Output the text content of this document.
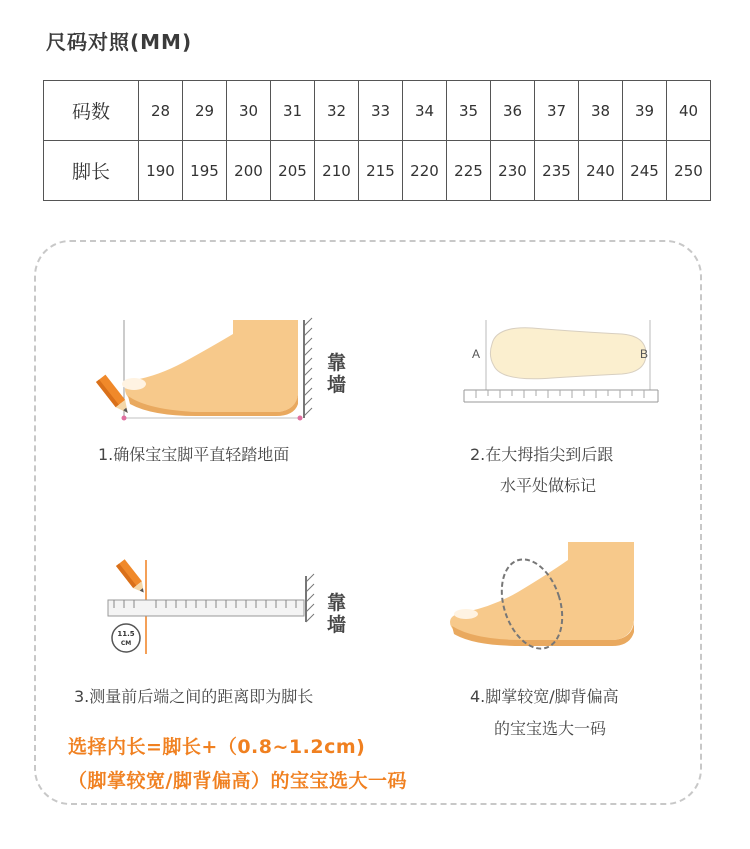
尺码对照(MM)
码数	28	29	30	31	32	33	34	35	36	37	38	39	40
脚长	190	195	200	205	210	215	220	225	230	235	240	245	250
靠墙
1.确保宝宝脚平直轻踏地面
A	B
2.在大拇指尖到后跟
水平处做标记
11.5
CM
靠墙
3.测量前后端之间的距离即为脚长	4.脚掌较宽/脚背偏高
的宝宝选大一码
选择内长=脚长+（0.8~1.2cm)
（脚掌较宽/脚背偏高）的宝宝选大一码
